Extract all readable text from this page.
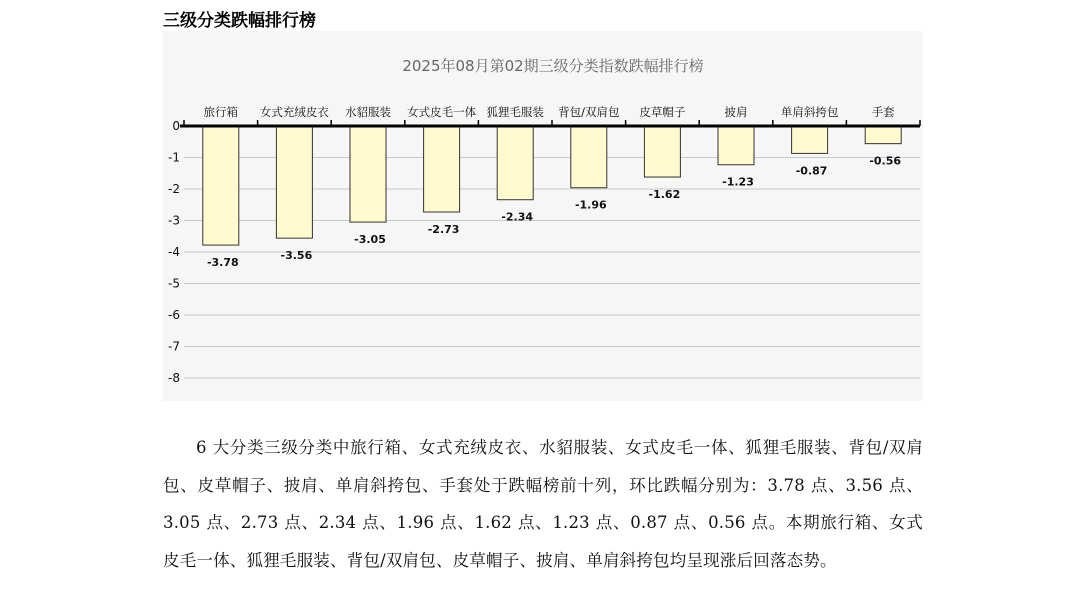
三级分类跌幅排行榜
2025年08月第02期三级分类指数跌幅排行榜
0
-1
-2
-3
-4
-5
-6
-7
-8
-3.78
旅行箱
-3.56
女式充绒皮衣
-3.05
水貂服装
-2.73
女式皮毛一体
-2.34
狐狸毛服装
-1.96
背包/双肩包
-1.62
皮草帽子
-1.23
披肩
-0.87
单肩斜挎包
-0.56
手套
6 大分类三级分类中旅行箱、女式充绒皮衣、水貂服装、女式皮毛一体、狐狸毛服装、背包/双肩包、皮草帽子、披肩、单肩斜挎包、手套处于跌幅榜前十列，环比跌幅分别为：3.78 点、3.56 点、3.05 点、2.73 点、2.34 点、1.96 点、1.62 点、1.23 点、0.87 点、0.56 点。本期旅行箱、女式皮毛一体、狐狸毛服装、背包/双肩包、皮草帽子、披肩、单肩斜挎包均呈现涨后回落态势。
